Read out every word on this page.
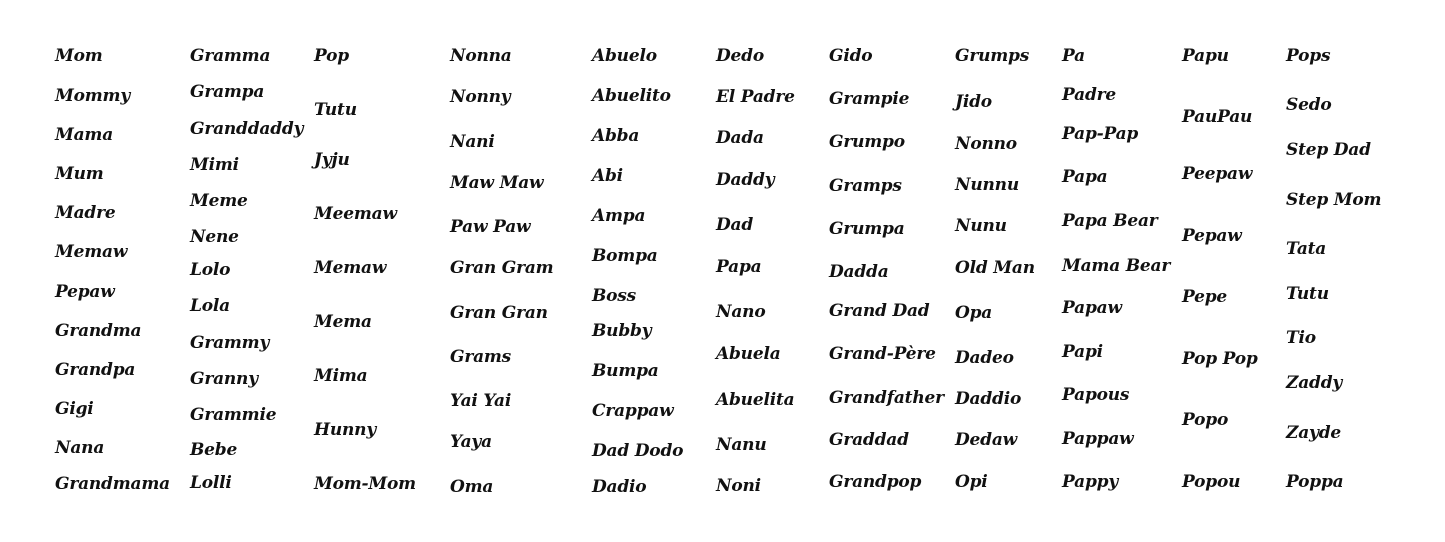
Mom
Mommy
Mama
Mum
Madre
Memaw
Pepaw
Grandma
Grandpa
Gigi
Nana
Grandmama
Gramma
Grampa
Granddaddy
Mimi
Meme
Nene
Lolo
Lola
Grammy
Granny
Grammie
Bebe
Lolli
Pop
Tutu
Jyju
Meemaw
Memaw
Mema
Mima
Hunny
Mom-Mom
Nonna
Nonny
Nani
Maw Maw
Paw Paw
Gran Gram
Gran Gran
Grams
Yai Yai
Yaya
Oma
Abuelo
Abuelito
Abba
Abi
Ampa
Bompa
Boss
Bubby
Bumpa
Crappaw
Dad Dodo
Dadio
Dedo
El Padre
Dada
Daddy
Dad
Papa
Nano
Abuela
Abuelita
Nanu
Noni
Gido
Grampie
Grumpo
Gramps
Grumpa
Dadda
Grand Dad
Grand-Père
Grandfather
Graddad
Grandpop
Grumps
Jido
Nonno
Nunnu
Nunu
Old Man
Opa
Dadeo
Daddio
Dedaw
Opi
Pa
Padre
Pap-Pap
Papa
Papa Bear
Mama Bear
Papaw
Papi
Papous
Pappaw
Pappy
Papu
PauPau
Peepaw
Pepaw
Pepe
Pop Pop
Popo
Popou
Pops
Sedo
Step Dad
Step Mom
Tata
Tutu
Tio
Zaddy
Zayde
Poppa
